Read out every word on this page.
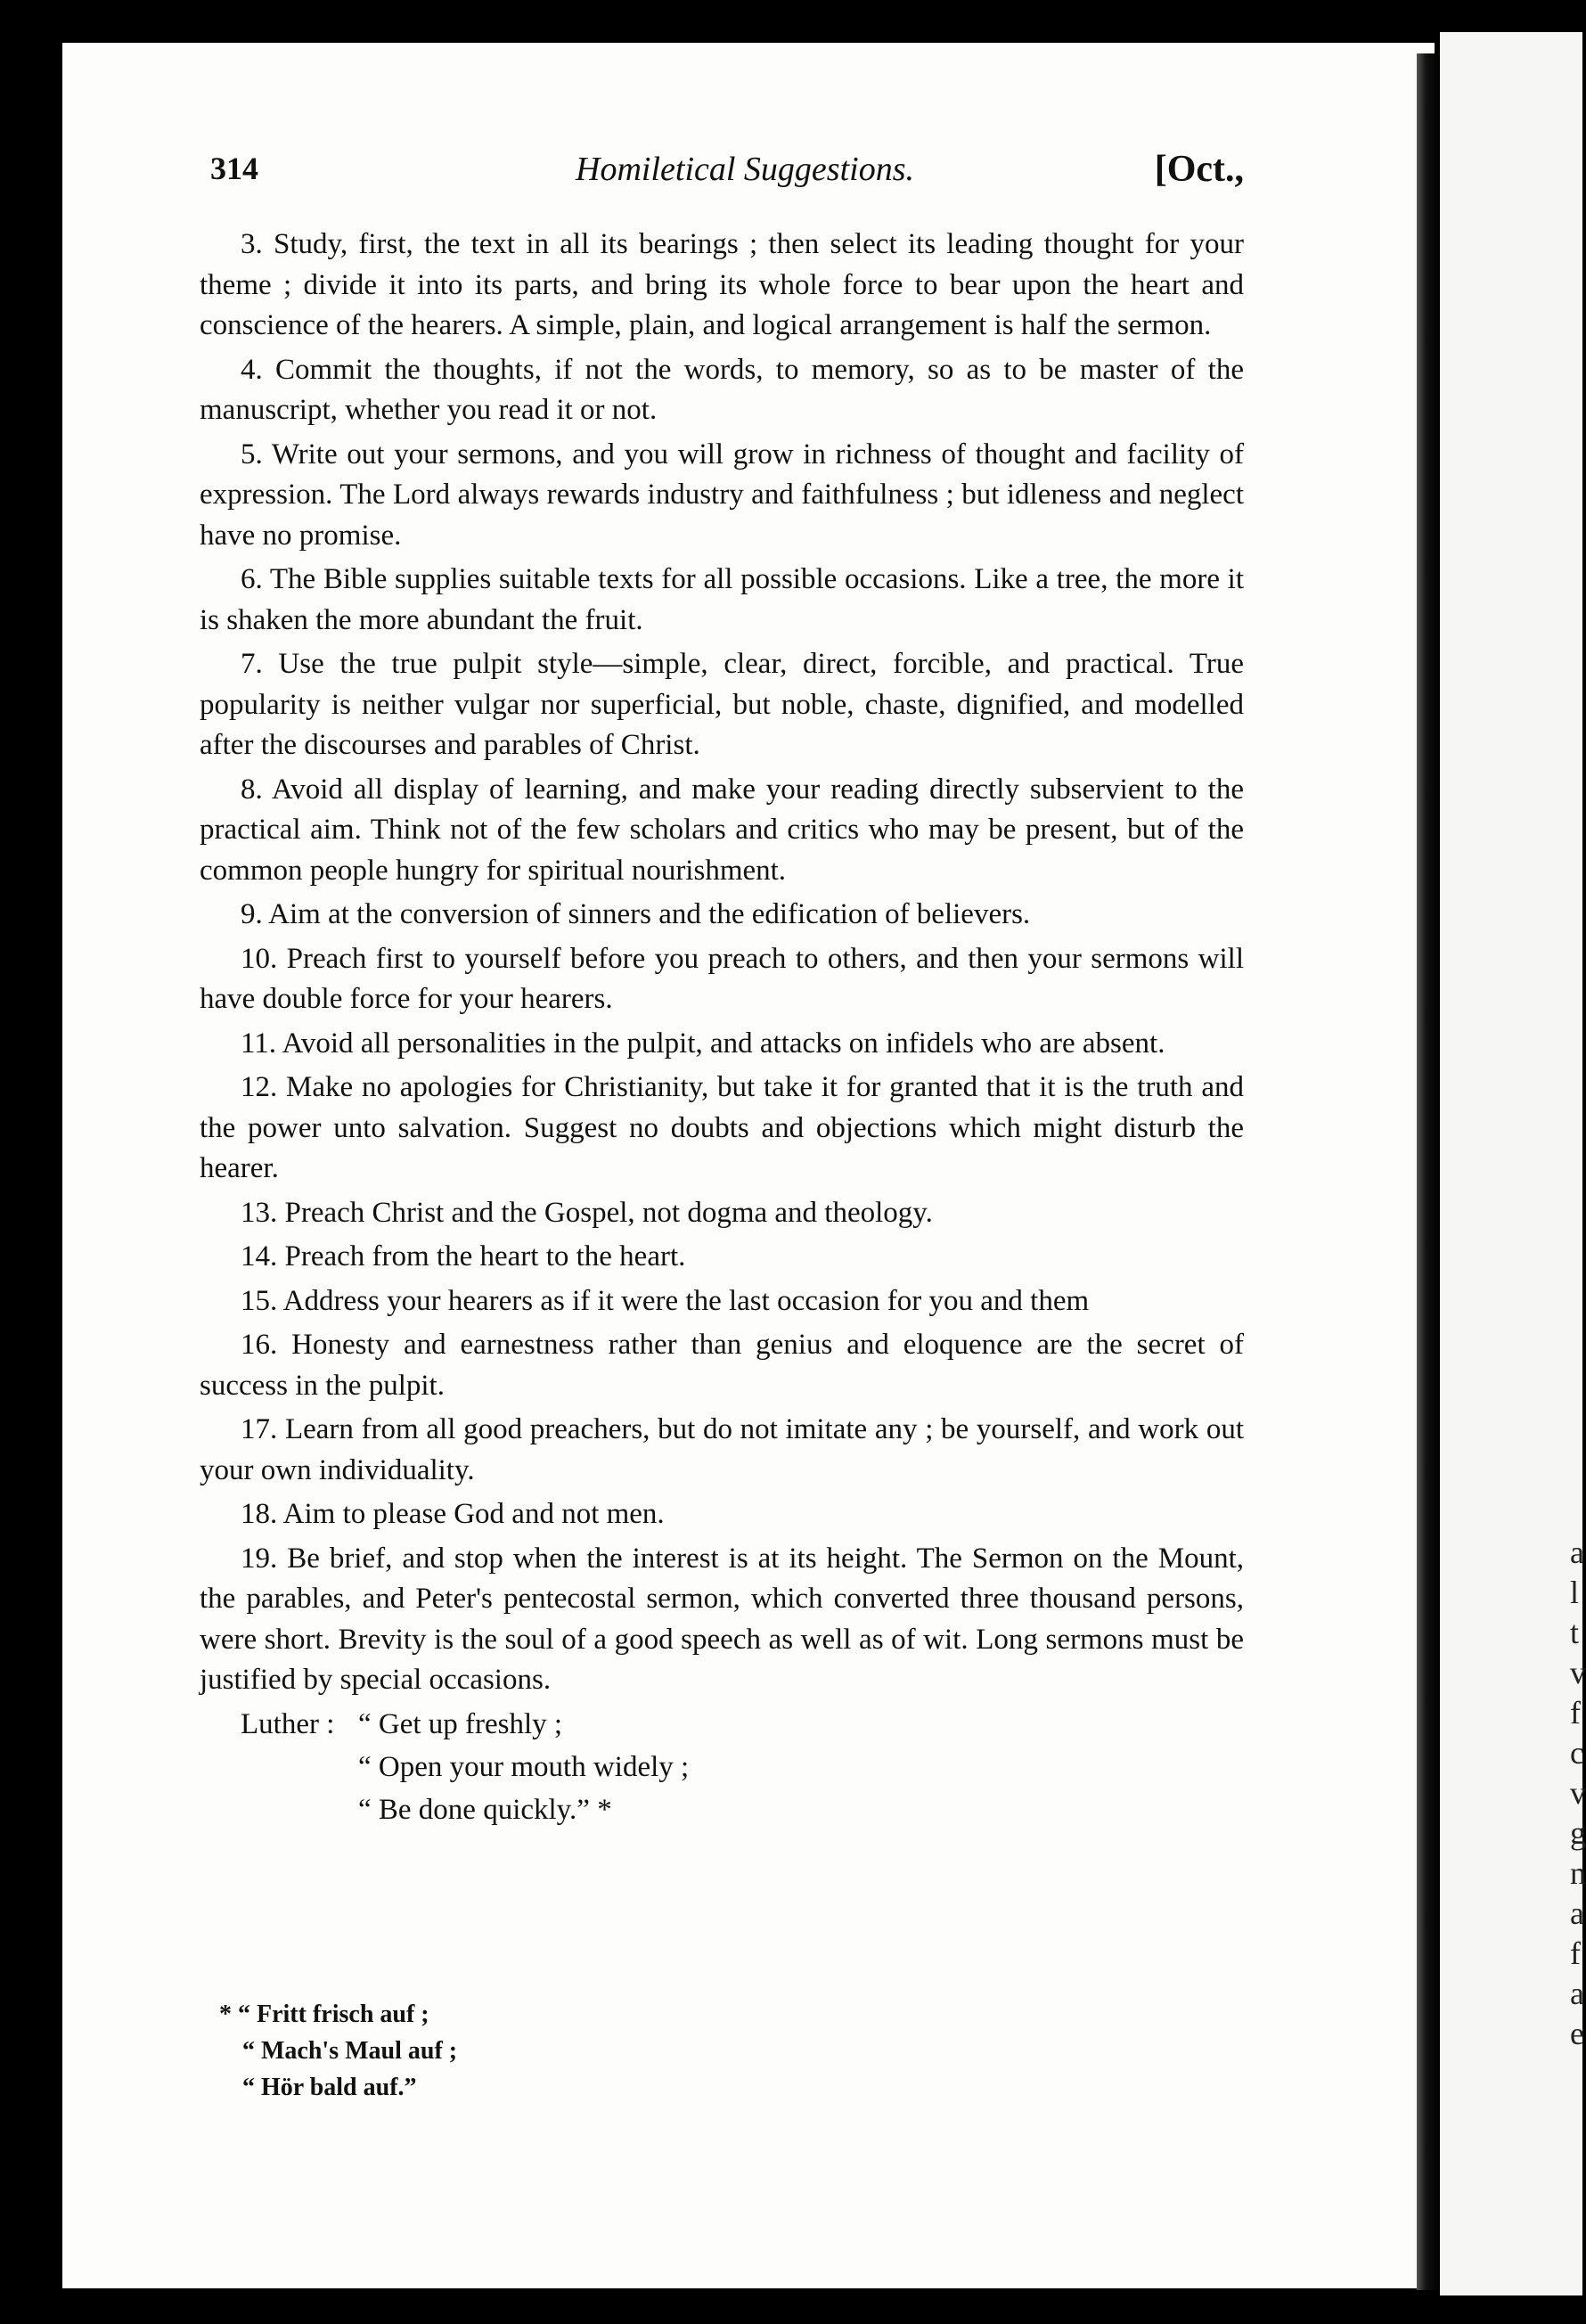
a
l
t
v
f
c
v
g
n
a
f
a
e
314	Homiletical Suggestions.	[Oct.,

3. Study, first, the text in all its bearings ; then select its leading thought for your theme ; divide it into its parts, and bring its whole force to bear upon the heart and conscience of the hearers. A simple, plain, and logical arrangement is half the sermon.

4. Commit the thoughts, if not the words, to memory, so as to be master of the manuscript, whether you read it or not.

5. Write out your sermons, and you will grow in richness of thought and facility of expression. The Lord always rewards industry and faithfulness ; but idleness and neglect have no promise.

6. The Bible supplies suitable texts for all possible occasions. Like a tree, the more it is shaken the more abundant the fruit.

7. Use the true pulpit style—simple, clear, direct, forcible, and practical. True popularity is neither vulgar nor superficial, but noble, chaste, dignified, and modelled after the discourses and parables of Christ.

8. Avoid all display of learning, and make your reading directly subservient to the practical aim. Think not of the few scholars and critics who may be present, but of the common people hungry for spiritual nourishment.

9. Aim at the conversion of sinners and the edification of believers.

10. Preach first to yourself before you preach to others, and then your sermons will have double force for your hearers.

11. Avoid all personalities in the pulpit, and attacks on infidels who are absent.

12. Make no apologies for Christianity, but take it for granted that it is the truth and the power unto salvation. Suggest no doubts and objections which might disturb the hearer.

13. Preach Christ and the Gospel, not dogma and theology.

14. Preach from the heart to the heart.

15. Address your hearers as if it were the last occasion for you and them

16. Honesty and earnestness rather than genius and eloquence are the secret of success in the pulpit.

17. Learn from all good preachers, but do not imitate any ; be yourself, and work out your own individuality.

18. Aim to please God and not men.

19. Be brief, and stop when the interest is at its height. The Sermon on the Mount, the parables, and Peter's pentecostal sermon, which converted three thousand persons, were short. Brevity is the soul of a good speech as well as of wit. Long sermons must be justified by special occasions.

Luther : “ Get up freshly ;
“ Open your mouth widely ;
“ Be done quickly.” *
* “ Fritt frisch auf ;
“ Mach's Maul auf ;
“ Hör bald auf.”
